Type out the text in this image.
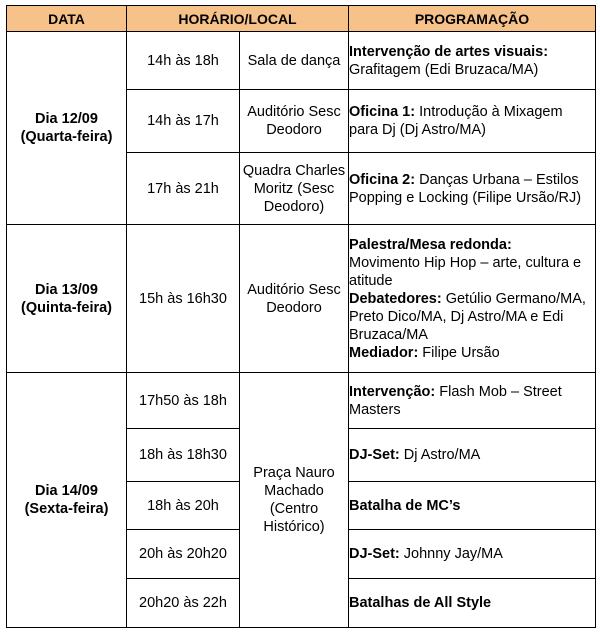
DATA	HORÁRIO/LOCAL		PROGRAMAÇÃO

Dia 12/09
(Quarta-feira)	14h às 18h	Sala de dança	Intervenção de artes visuais:
Grafitagem (Edi Bruzaca/MA)
	14h às 17h	Auditório Sesc Deodoro	Oficina 1: Introdução à Mixagem para Dj (Dj Astro/MA)
	17h às 21h	Quadra Charles Moritz (Sesc Deodoro)	Oficina 2: Danças Urbana – Estilos Popping e Locking (Filipe Ursão/RJ)

Dia 13/09
(Quinta-feira)	15h às 16h30	Auditório Sesc Deodoro	Palestra/Mesa redonda:
Movimento Hip Hop – arte, cultura e atitude
Debatedores: Getúlio Germano/MA, Preto Dico/MA, Dj Astro/MA e Edi Bruzaca/MA
Mediador: Filipe Ursão

Dia 14/09
(Sexta-feira)	17h50 às 18h	Praça Nauro Machado (Centro Histórico)	Intervenção: Flash Mob – Street Masters
	18h às 18h30		DJ-Set: Dj Astro/MA
	18h às 20h		Batalha de MC’s
	20h às 20h20		DJ-Set: Johnny Jay/MA
	20h20 às 22h		Batalhas de All Style
